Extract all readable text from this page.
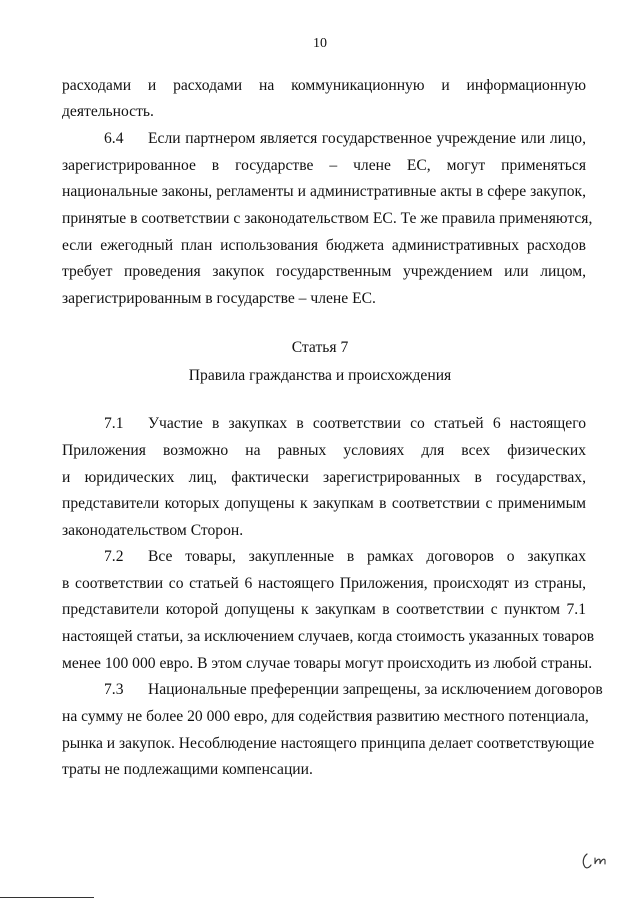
10
расходами и расходами на коммуникационную и информационную
деятельность.
6.4 Если партнером является государственное учреждение или лицо,
зарегистрированное в государстве – члене ЕС, могут применяться
национальные законы, регламенты и административные акты в сфере закупок,
принятые в соответствии с законодательством ЕС. Те же правила применяются,
если ежегодный план использования бюджета административных расходов
требует проведения закупок государственным учреждением или лицом,
зарегистрированным в государстве – члене ЕС.
Статья 7
Правила гражданства и происхождения
7.1 Участие в закупках в соответствии со статьей 6 настоящего
Приложения возможно на равных условиях для всех физических
и юридических лиц, фактически зарегистрированных в государствах,
представители которых допущены к закупкам в соответствии с применимым
законодательством Сторон.
7.2 Все товары, закупленные в рамках договоров о закупках
в соответствии со статьей 6 настоящего Приложения, происходят из страны,
представители которой допущены к закупкам в соответствии с пунктом 7.1
настоящей статьи, за исключением случаев, когда стоимость указанных товаров
менее 100 000 евро. В этом случае товары могут происходить из любой страны.
7.3 Национальные преференции запрещены, за исключением договоров
на сумму не более 20 000 евро, для содействия развитию местного потенциала,
рынка и закупок. Несоблюдение настоящего принципа делает соответствующие
траты не подлежащими компенсации.
